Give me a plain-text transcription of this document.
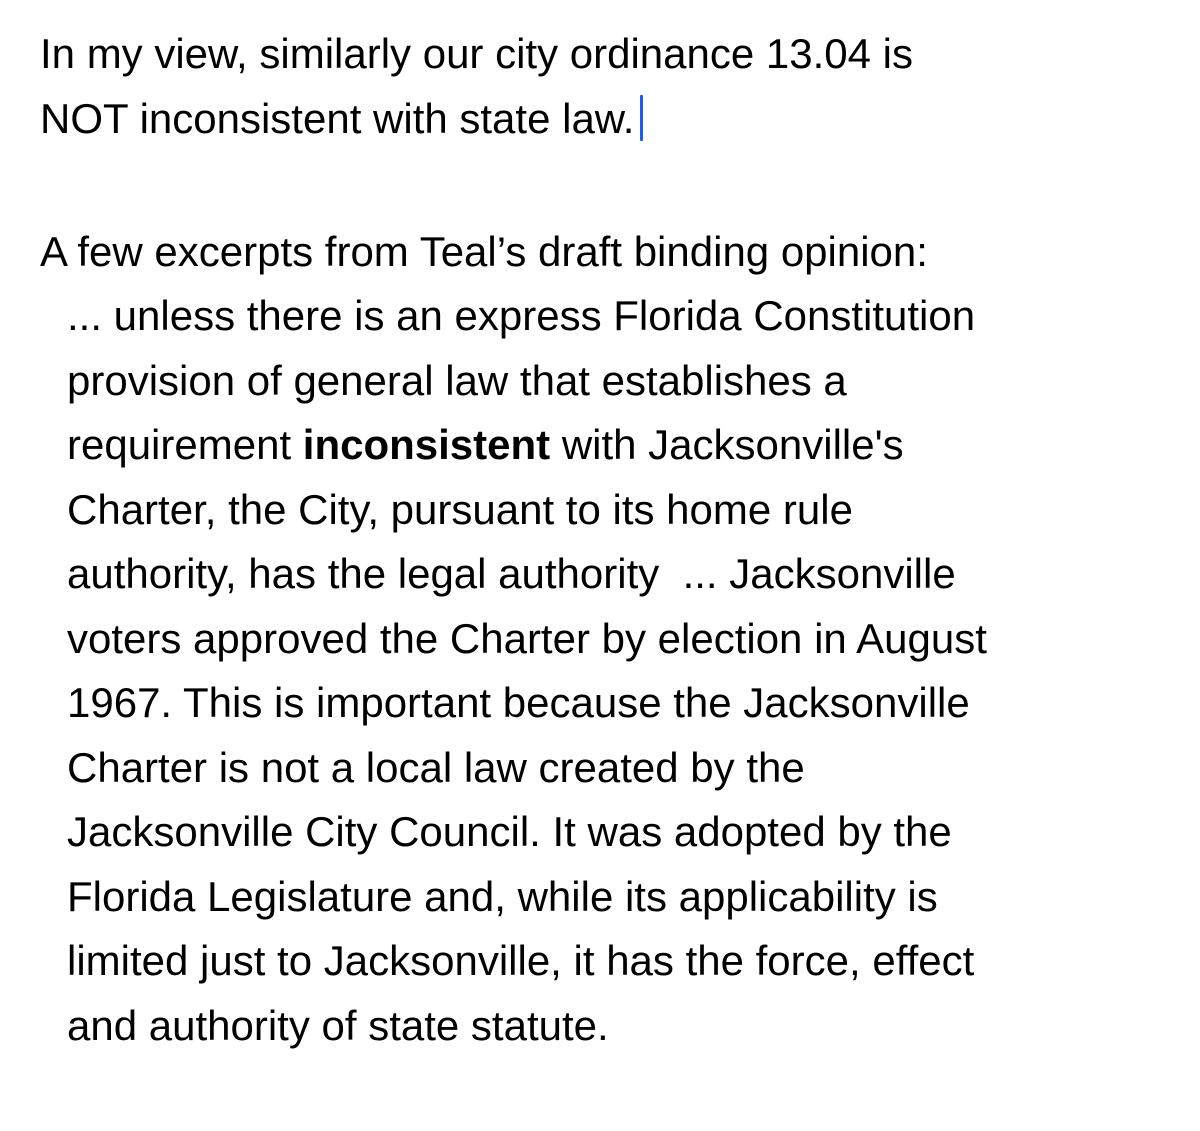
In my view, similarly our city ordinance 13.04 is
NOT inconsistent with state law.
A few excerpts from Teal’s draft binding opinion:
... unless there is an express Florida Constitution
provision of general law that establishes a
requirement inconsistent with Jacksonville's
Charter, the City, pursuant to its home rule
authority, has the legal authority  ... Jacksonville
voters approved the Charter by election in August
1967. This is important because the Jacksonville
Charter is not a local law created by the
Jacksonville City Council. It was adopted by the
Florida Legislature and, while its applicability is
limited just to Jacksonville, it has the force, effect
and authority of state statute.
